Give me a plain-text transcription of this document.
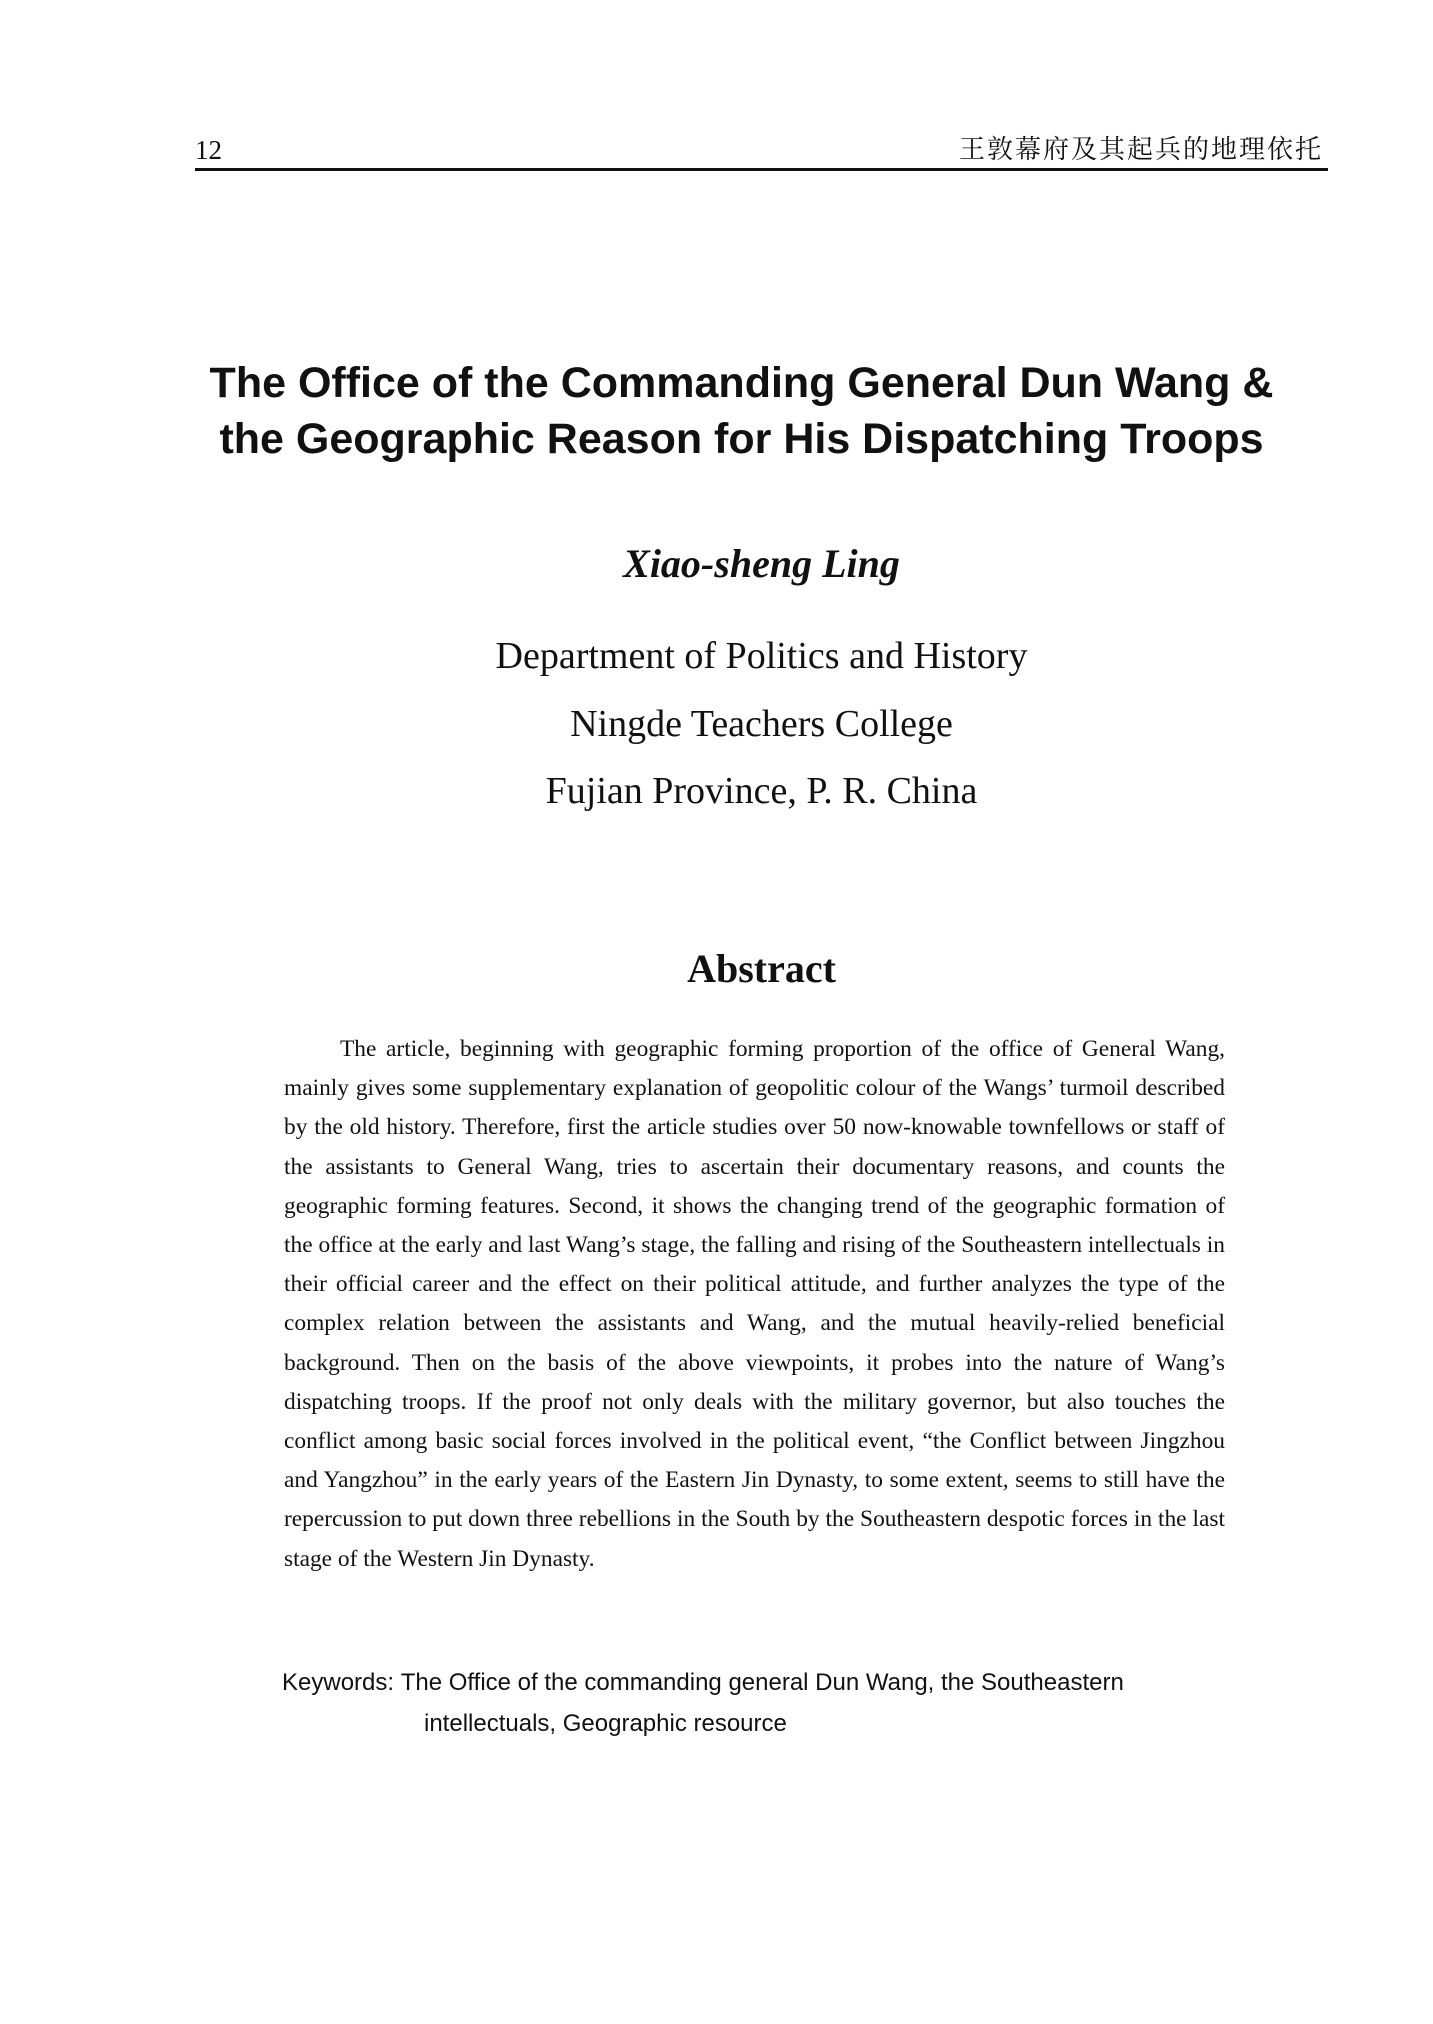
12	王敦幕府及其起兵的地理依托
The Office of the Commanding General Dun Wang &
the Geographic Reason for His Dispatching Troops
Xiao-sheng Ling
Department of Politics and History
Ningde Teachers College
Fujian Province, P. R. China
Abstract

The article, beginning with geographic forming proportion of the office of General Wang, mainly gives some supplementary explanation of geopolitic colour of the Wangs’ turmoil described by the old history. Therefore, first the article studies over 50 now-knowable townfellows or staff of the assistants to General Wang, tries to ascertain their documentary reasons, and counts the geographic forming features. Second, it shows the changing trend of the geographic formation of the office at the early and last Wang’s stage, the falling and rising of the Southeastern intellectuals in their official career and the effect on their political attitude, and further analyzes the type of the complex relation between the assistants and Wang, and the mutual heavily-relied beneficial background. Then on the basis of the above viewpoints, it probes into the nature of Wang’s dispatching troops. If the proof not only deals with the military governor, but also touches the conflict among basic social forces involved in the political event, “the Conflict between Jingzhou and Yangzhou” in the early years of the Eastern Jin Dynasty, to some extent, seems to still have the repercussion to put down three rebellions in the South by the Southeastern despotic forces in the last stage of the Western Jin Dynasty.

Keywords:
The Office of the commanding general Dun Wang, the Southeastern
intellectuals, Geographic resource
